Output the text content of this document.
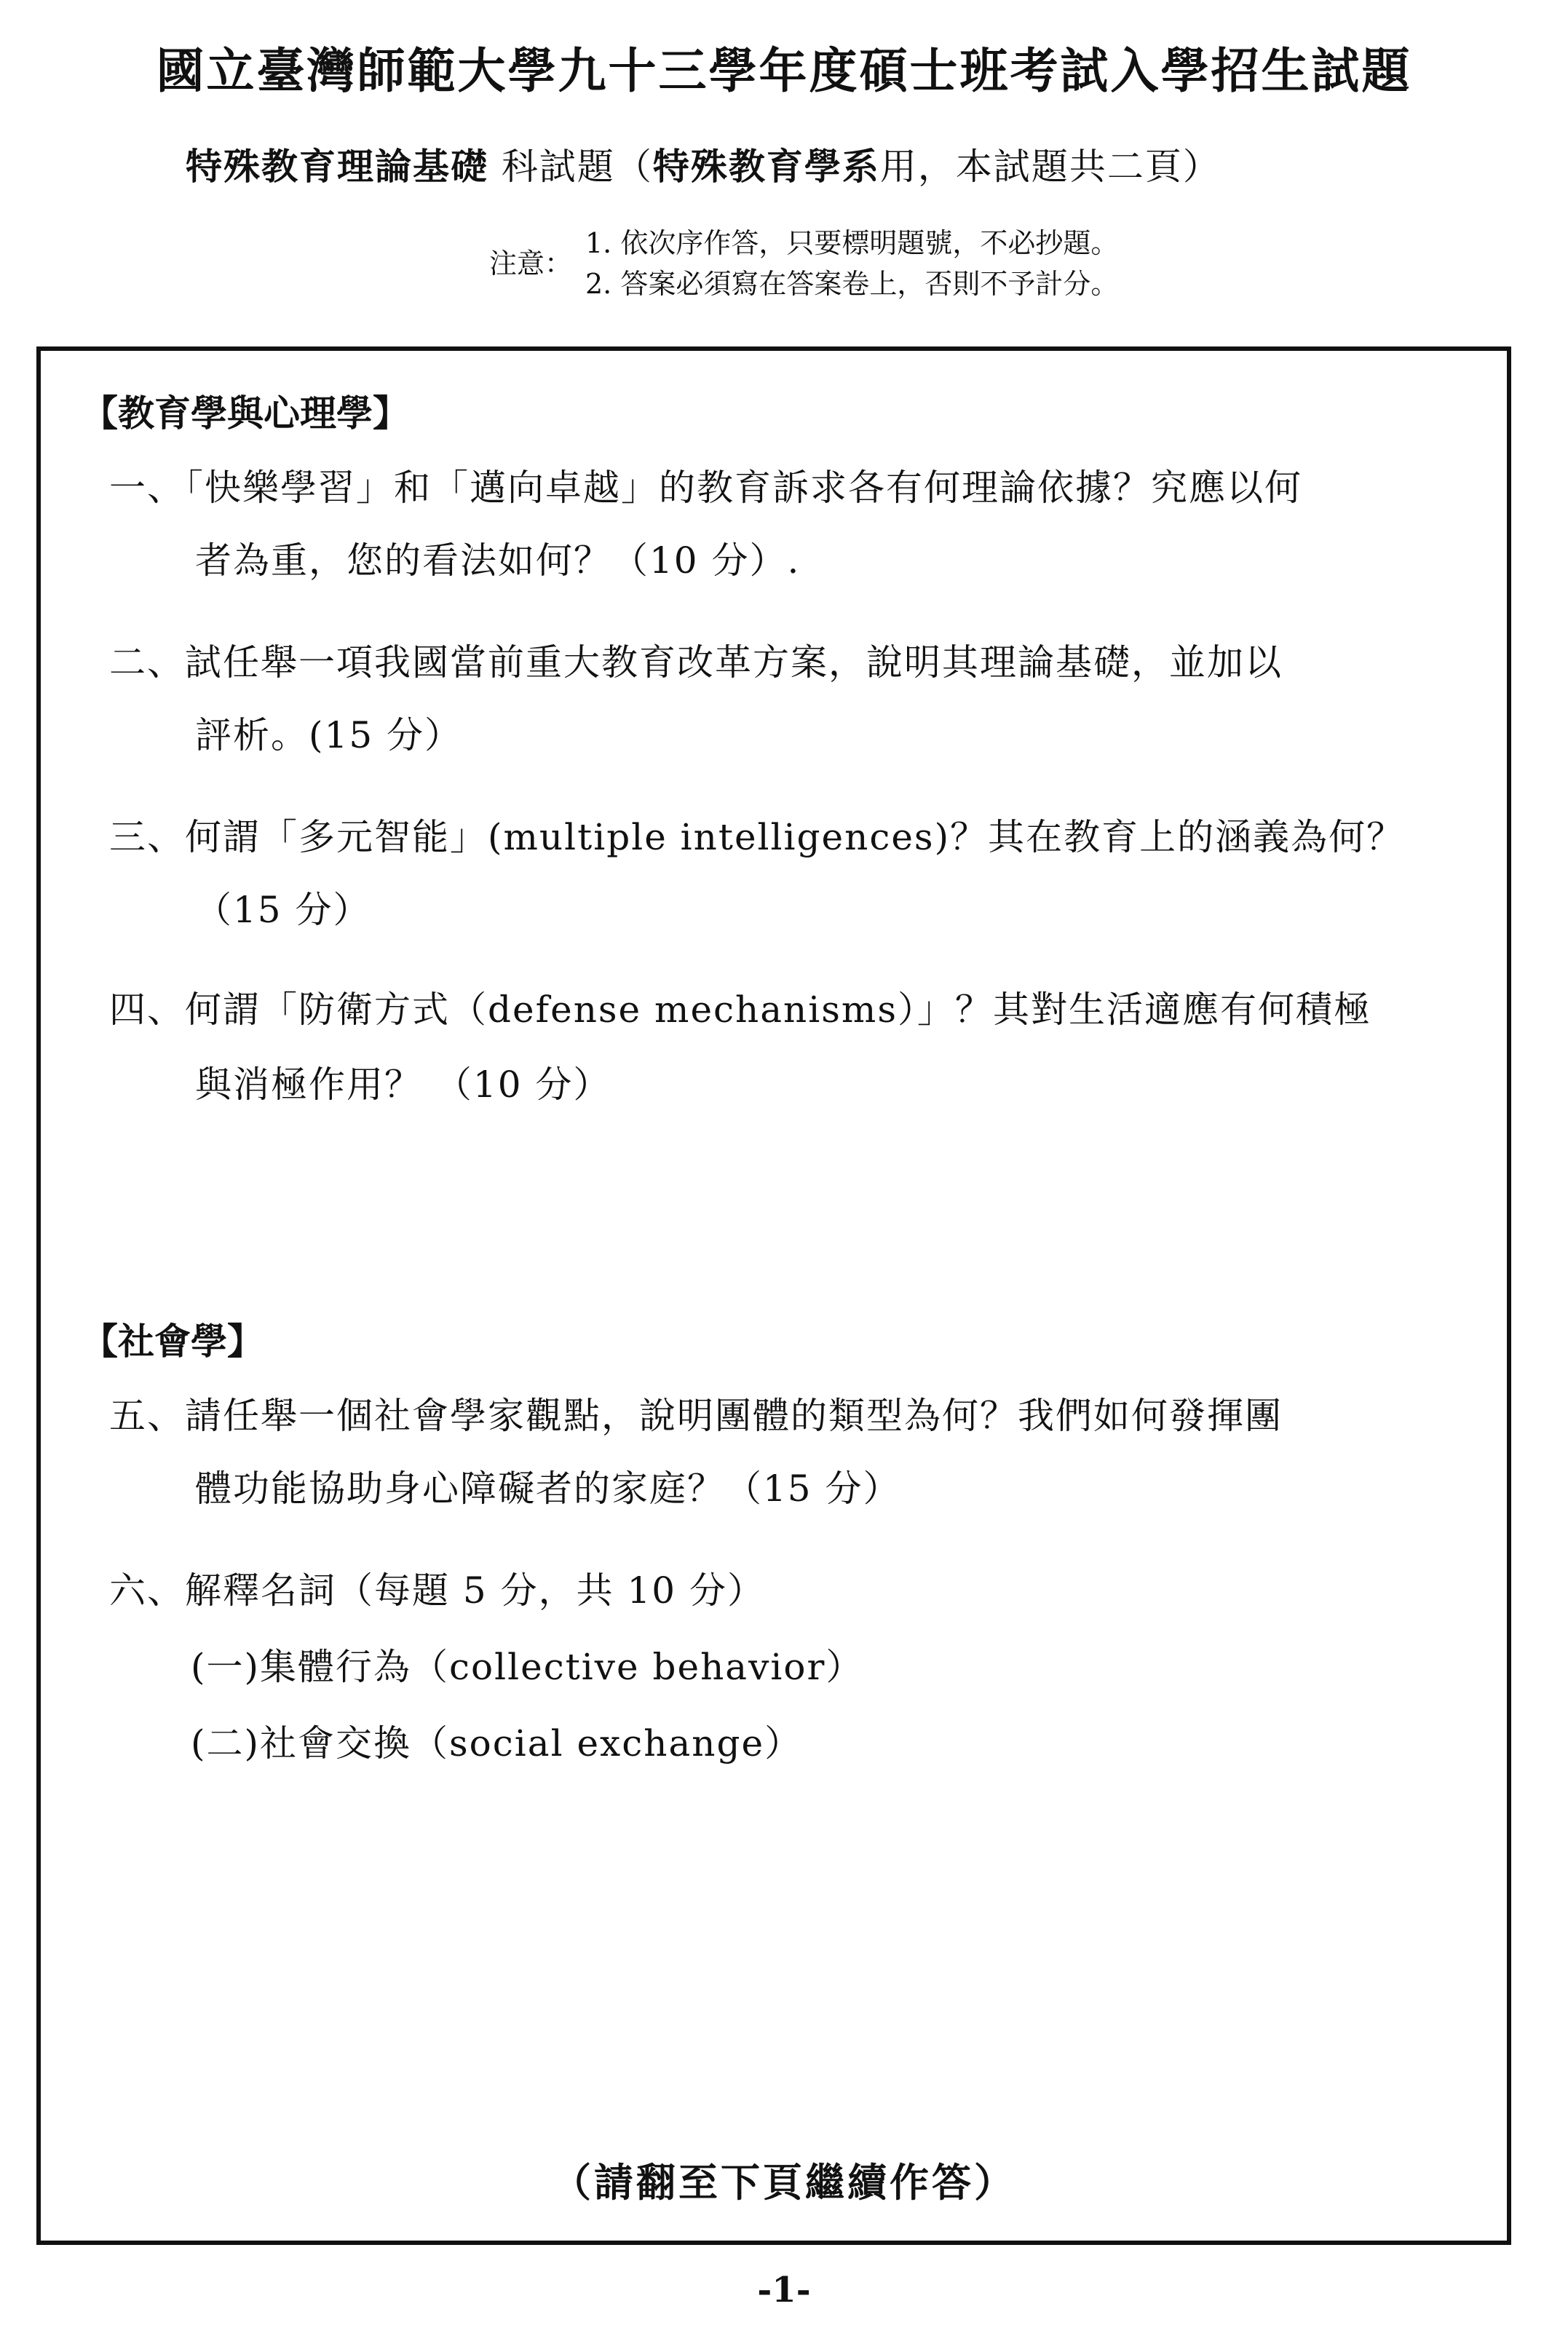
國立臺灣師範大學九十三學年度碩士班考試入學招生試題
特殊教育理論基礎 科試題（特殊教育學系用，本試題共二頁）
注意：
1. 依次序作答，只要標明題號，不必抄題。
2. 答案必須寫在答案卷上，否則不予計分。
【教育學與心理學】
一、「快樂學習」和「邁向卓越」的教育訴求各有何理論依據？究應以何
者為重，您的看法如何？（10 分）.
二、試任舉一項我國當前重大教育改革方案，說明其理論基礎，並加以
評析。(15 分）
三、何謂「多元智能」(multiple intelligences)？其在教育上的涵義為何？
（15 分）
四、何謂「防衛方式（defense mechanisms）」？其對生活適應有何積極
與消極作用？ （10 分）
【社會學】
五、請任舉一個社會學家觀點，說明團體的類型為何？我們如何發揮團
體功能協助身心障礙者的家庭？（15 分）
六、解釋名詞（每題 5 分，共 10 分）
(一)集體行為（collective behavior）
(二)社會交換（social exchange）
（請翻至下頁繼續作答）
-1-
